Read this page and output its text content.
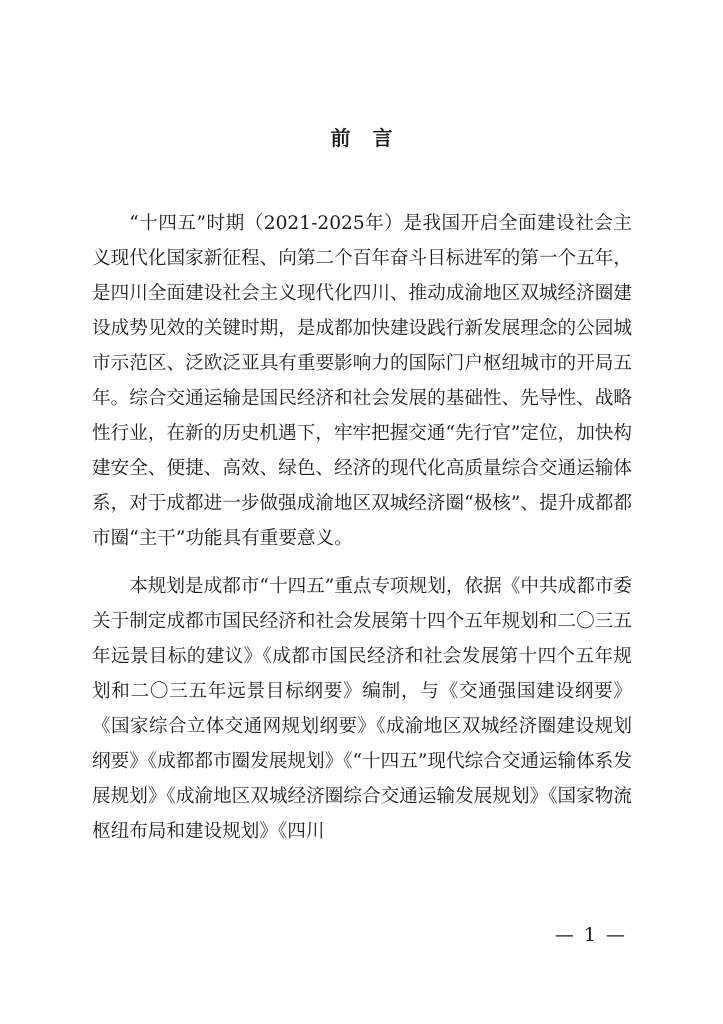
前言

“十四五”时期（2021-2025年）是我国开启全面建设社会主义现代化国家新征程、向第二个百年奋斗目标进军的第一个五年，是四川全面建设社会主义现代化四川、推动成渝地区双城经济圈建设成势见效的关键时期，是成都加快建设践行新发展理念的公园城市示范区、泛欧泛亚具有重要影响力的国际门户枢纽城市的开局五年。综合交通运输是国民经济和社会发展的基础性、先导性、战略性行业，在新的历史机遇下，牢牢把握交通“先行官”定位，加快构建安全、便捷、高效、绿色、经济的现代化高质量综合交通运输体系，对于成都进一步做强成渝地区双城经济圈“极核”、提升成都都市圈“主干”功能具有重要意义。

本规划是成都市“十四五”重点专项规划，依据《中共成都市委关于制定成都市国民经济和社会发展第十四个五年规划和二〇三五年远景目标的建议》《成都市国民经济和社会发展第十四个五年规划和二〇三五年远景目标纲要》编制，与《交通强国建设纲要》《国家综合立体交通网规划纲要》《成渝地区双城经济圈建设规划纲要》《成都都市圈发展规划》《“十四五”现代综合交通运输体系发展规划》《成渝地区双城经济圈综合交通运输发展规划》《国家物流枢纽布局和建设规划》《四川

— 1 —
